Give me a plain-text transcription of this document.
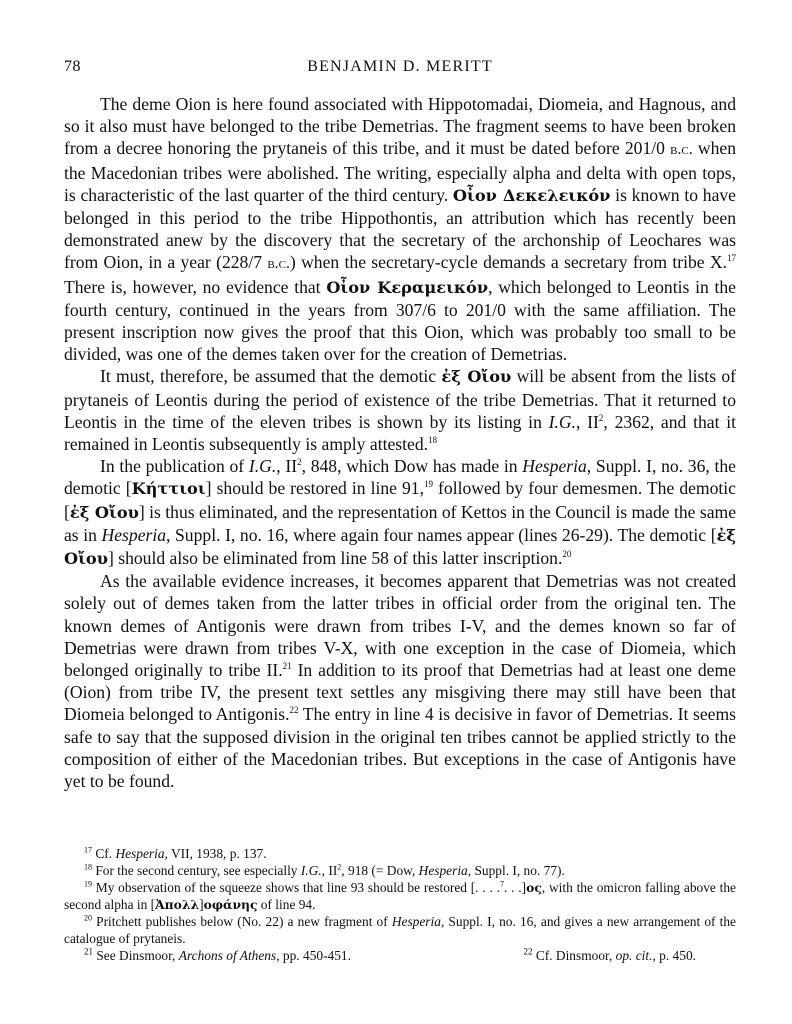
78	BENJAMIN D. MERITT

The deme Oion is here found associated with Hippotomadai, Diomeia, and Hagnous, and so it also must have belonged to the tribe Demetrias. The fragment seems to have been broken from a decree honoring the prytaneis of this tribe, and it must be dated before 201/0 b.c. when the Macedonian tribes were abolished. The writing, especially alpha and delta with open tops, is characteristic of the last quarter of the third century. Οἶον Δεκελεικόν is known to have belonged in this period to the tribe Hippothontis, an attribution which has recently been demonstrated anew by the discovery that the secretary of the archonship of Leochares was from Oion, in a year (228/7 b.c.) when the secretary-cycle demands a secretary from tribe X.$^{17}$ There is, however, no evidence that Οἶον Κεραμεικόν, which belonged to Leontis in the fourth century, continued in the years from 307/6 to 201/0 with the same affiliation. The present inscription now gives the proof that this Oion, which was probably too small to be divided, was one of the demes taken over for the creation of Demetrias.

It must, therefore, be assumed that the demotic ἐξ Οἴου will be absent from the lists of prytaneis of Leontis during the period of existence of the tribe Demetrias. That it returned to Leontis in the time of the eleven tribes is shown by its listing in I.G., $II^2$, 2362, and that it remained in Leontis subsequently is amply attested.$^{18}$

In the publication of I.G., $II^2$, 848, which Dow has made in Hesperia, Suppl. I, no. 36, the demotic [Κήττιοι] should be restored in line 91,19 followed by four demesmen. The demotic [ἐξ Οἴου] is thus eliminated, and the representation of Kettos in the Council is made the same as in Hesperia, Suppl. I, no. 16, where again four names appear (lines 26-29). The demotic [ἐξ Οἴου] should also be eliminated from line 58 of this latter inscription.$^{20}$

As the available evidence increases, it becomes apparent that Demetrias was not created solely out of demes taken from the latter tribes in official order from the original ten. The known demes of Antigonis were drawn from tribes I-V, and the demes known so far of Demetrias were drawn from tribes V-X, with one exception in the case of Diomeia, which belonged originally to tribe II.$^{21}$ In addition to its proof that Demetrias had at least one deme (Oion) from tribe IV, the present text settles any misgiving there may still have been that Diomeia belonged to Antigonis.$^{22}$ The entry in line 4 is decisive in favor of Demetrias. It seems safe to say that the supposed division in the original ten tribes cannot be applied strictly to the composition of either of the Macedonian tribes. But exceptions in the case of Antigonis have yet to be found.

$^{17}$ Cf. Hesperia, VII, 1938, p. 137.

$^{18}$ For the second century, see especially I.G., $II^2$, 918 (= Dow, Hesperia, Suppl. I, no. 77).

$^{19}$ My observation of the squeeze shows that line 93 should be restored [. . . .$^7$. . .]ος, with the omicron falling above the second alpha in [Ἀπολλ]οφάνης of line 94.

$^{20}$ Pritchett publishes below (No. 22) a new fragment of Hesperia, Suppl. I, no. 16, and gives a new arrangement of the catalogue of prytaneis.

$^{21}$ See Dinsmoor, Archons of Athens, pp. 450-451.	$^{22}$ Cf. Dinsmoor, op. cit., p. 450.
